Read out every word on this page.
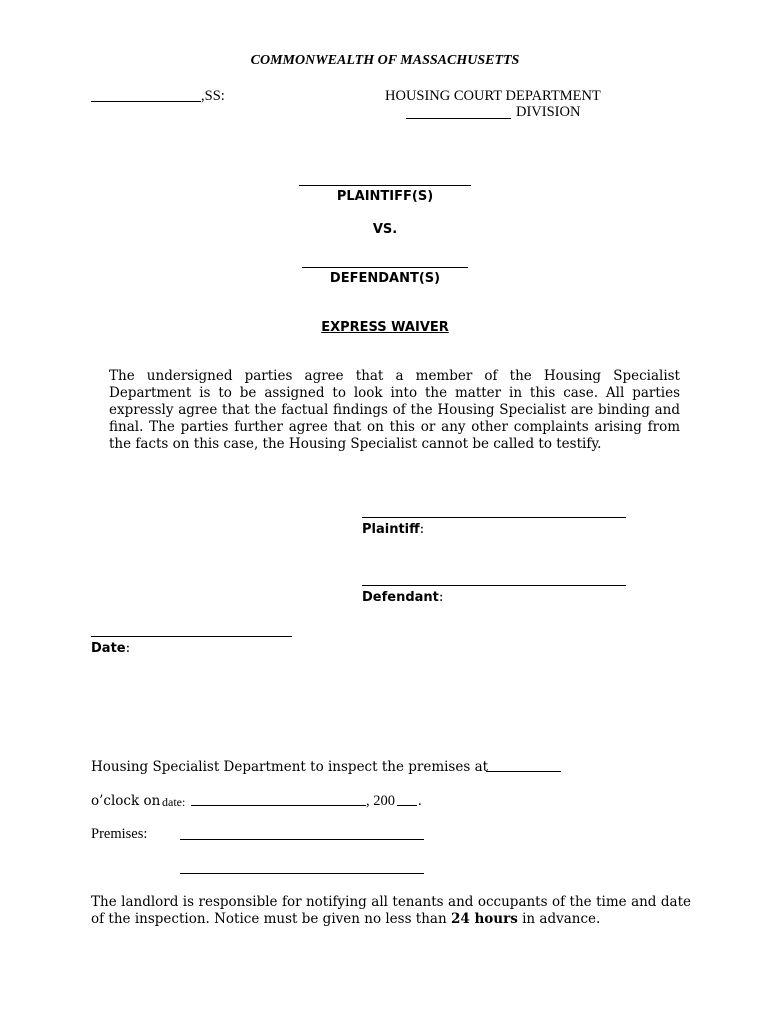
COMMONWEALTH OF MASSACHUSETTS
,SS:	HOUSING COURT DEPARTMENT
DIVISION
PLAINTIFF(S)
VS.
DEFENDANT(S)
EXPRESS WAIVER

The undersigned parties agree that a member of the Housing Specialist Department is to be assigned to look into the matter in this case. All parties expressly agree that the factual findings of the Housing Specialist are binding and final. The parties further agree that on this or any other complaints arising from the facts on this case, the Housing Specialist cannot be called to testify.

Plaintiff:
Defendant:
Date:
Housing Specialist Department to inspect the premises at
o’clock on date:	, 200 .
Premises:

The landlord is responsible for notifying all tenants and occupants of the time and date of the inspection. Notice must be given no less than 24 hours in advance.
